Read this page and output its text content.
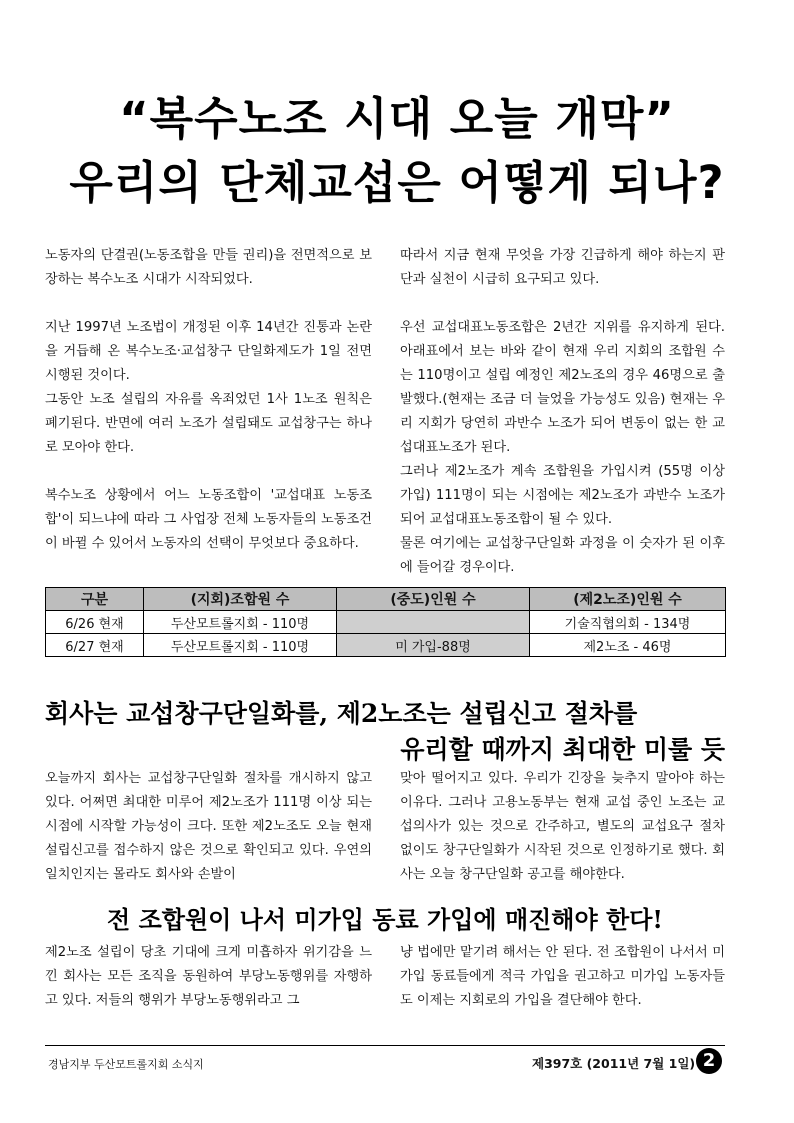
“복수노조 시대 오늘 개막”
우리의 단체교섭은 어떻게 되나?

노동자의 단결권(노동조합을 만들 권리)을 전면적으로 보장하는 복수노조 시대가 시작되었다.

지난 1997년 노조법이 개정된 이후 14년간 진통과 논란을 거듭해 온 복수노조·교섭창구 단일화제도가 1일 전면 시행된 것이다.

그동안 노조 설립의 자유를 옥죄었던 1사 1노조 원칙은 폐기된다. 반면에 여러 노조가 설립돼도 교섭창구는 하나로 모아야 한다.

복수노조 상황에서 어느 노동조합이 '교섭대표 노동조합'이 되느냐에 따라 그 사업장 전체 노동자들의 노동조건이 바뀔 수 있어서 노동자의 선택이 무엇보다 중요하다.

따라서 지금 현재 무엇을 가장 긴급하게 해야 하는지 판단과 실천이 시급히 요구되고 있다.

우선 교섭대표노동조합은 2년간 지위를 유지하게 된다. 아래표에서 보는 바와 같이 현재 우리 지회의 조합원 수는 110명이고 설립 예정인 제2노조의 경우 46명으로 출발했다.(현재는 조금 더 늘었을 가능성도 있음) 현재는 우리 지회가 당연히 과반수 노조가 되어 변동이 없는 한 교섭대표노조가 된다.

그러나 제2노조가 계속 조합원을 가입시켜 (55명 이상 가입) 111명이 되는 시점에는 제2노조가 과반수 노조가 되어 교섭대표노동조합이 될 수 있다.

물론 여기에는 교섭창구단일화 과정을 이 숫자가 된 이후에 들어갈 경우이다.

구분	(지회)조합원 수	(중도)인원 수	(제2노조)인원 수
6/26 현재	두산모트롤지회 - 110명		기술직협의회 - 134명
6/27 현재	두산모트롤지회 - 110명	미 가입-88명	제2노조 - 46명
회사는 교섭창구단일화를, 제2노조는 설립신고 절차를
유리할 때까지 최대한 미룰 듯

오늘까지 회사는 교섭창구단일화 절차를 개시하지 않고 있다. 어쩌면 최대한 미루어 제2노조가 111명 이상 되는 시점에 시작할 가능성이 크다. 또한 제2노조도 오늘 현재 설립신고를 접수하지 않은 것으로 확인되고 있다. 우연의 일치인지는 몰라도 회사와 손발이

맞아 떨어지고 있다. 우리가 긴장을 늦추지 말아야 하는 이유다. 그러나 고용노동부는 현재 교섭 중인 노조는 교섭의사가 있는 것으로 간주하고, 별도의 교섭요구 절차 없이도 창구단일화가 시작된 것으로 인정하기로 했다. 회사는 오늘 창구단일화 공고를 해야한다.

전 조합원이 나서 미가입 동료 가입에 매진해야 한다!

제2노조 설립이 당초 기대에 크게 미흡하자 위기감을 느낀 회사는 모든 조직을 동원하여 부당노동행위를 자행하고 있다. 저들의 행위가 부당노동행위라고 그

냥 법에만 맡기려 해서는 안 된다. 전 조합원이 나서서 미가입 동료들에게 적극 가입을 권고하고 미가입 노동자들도 이제는 지회로의 가입을 결단해야 한다.

경남지부 두산모트롤지회 소식지	제397호 (2011년 7월 1일) 2
